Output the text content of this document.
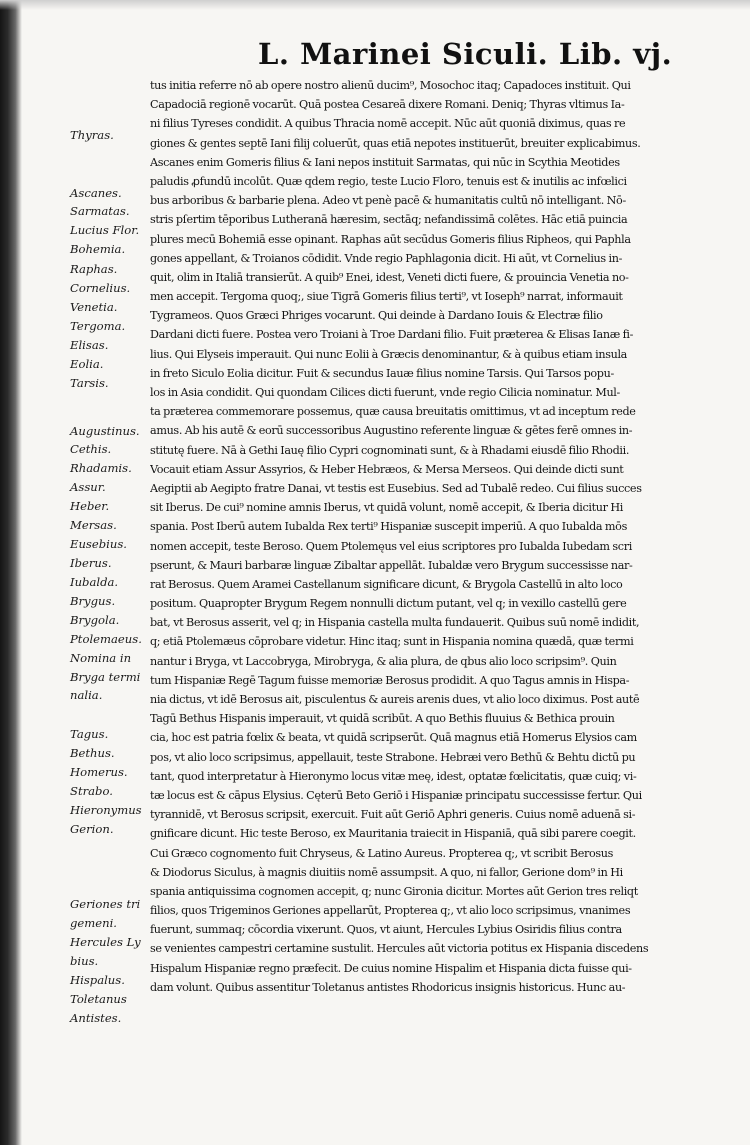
L. Marinei Siculi. Lib. vj.
Thyras.
Ascanes.
Sarmatas.
Lucius Flor.
Bohemia.
Raphas.
Cornelius.
Venetia.
Tergoma.
Elisas.
Eolia.
Tarsis.
Augustinus.
Cethis.
Rhadamis.
Assur.
Heber.
Mersas.
Eusebius.
Iberus.
Iubalda.
Brygus.
Brygola.
Ptolemaeus.
Nomina in
Bryga termi
nalia.
Tagus.
Bethus.
Homerus.
Strabo.
Hieronymus
Gerion.
Geriones tri
gemeni.
Hercules Ly
bius.
Hispalus.
Toletanus
Antistes.
tus initia referre nō ab opere nostro alienū ducim⁹, Mosochoc itaq; Capadoces instituit. Qui
Capadociā regionē vocarūt. Quā postea Cesareā dixere Romani. Deniq; Thyras vltimus Ia-
ni filius Tyreses condidit. A quibus Thracia nomē accepit. Nūc aūt quoniā diximus, quas re
giones & gentes septē Iani filij coluerūt, quas etiā nepotes instituerūt, breuiter explicabimus.
Ascanes enim Gomeris filius & Iani nepos instituit Sarmatas, qui nūc in Scythia Meotides
paludis ꝓfundū incolūt. Quæ qdem regio, teste Lucio Floro, tenuis est & inutilis ac infœlici
bus arboribus & barbarie plena. Adeo vt penè pacē & humanitatis cultū nō intelligant. Nō-
stris pſertim tēporibus Lutheranā hæresim, sectāq; nefandissimā colētes. Hāc etiā puincia
plures mecū Bohemiā esse opinant. Raphas aūt secūdus Gomeris filius Ripheos, qui Paphla
gones appellant, & Troianos cōdidit. Vnde regio Paphlagonia dicit. Hi aūt, vt Cornelius in-
quit, olim in Italiā transierūt. A quib⁹ Enei, idest, Veneti dicti fuere, & prouincia Venetia no-
men accepit. Tergoma quoq;, siue Tigrā Gomeris filius terti⁹, vt Ioseph⁹ narrat, informauit
Tygrameos. Quos Græci Phriges vocarunt. Qui deinde à Dardano Iouis & Electræ filio
Dardani dicti fuere. Postea vero Troiani à Troe Dardani filio. Fuit præterea & Elisas Ianæ fi-
lius. Qui Elyseis imperauit. Qui nunc Eolii à Græcis denominantur, & à quibus etiam insula
in freto Siculo Eolia dicitur. Fuit & secundus Iauæ filius nomine Tarsis. Qui Tarsos popu-
los in Asia condidit. Qui quondam Cilices dicti fuerunt, vnde regio Cilicia nominatur. Mul-
ta præterea commemorare possemus, quæ causa breuitatis omittimus, vt ad inceptum rede
amus. Ab his autē & eorū successoribus Augustino referente linguæ & gētes ferē omnes in-
stitutę fuere. Nā à Gethi Iauę filio Cypri cognominati sunt, & à Rhadami eiusdē filio Rhodii.
Vocauit etiam Assur Assyrios, & Heber Hebræos, & Mersa Merseos. Qui deinde dicti sunt
Aegiptii ab Aegipto fratre Danai, vt testis est Eusebius. Sed ad Tubalē redeo. Cui filius succes
sit Iberus. De cui⁹ nomine amnis Iberus, vt quidā volunt, nomē accepit, & Iberia dicitur Hi
spania. Post Iberū autem Iubalda Rex terti⁹ Hispaniæ suscepit imperiū. A quo Iubalda mōs
nomen accepit, teste Beroso. Quem Ptolemęus vel eius scriptores pro Iubalda Iubedam scri
pserunt, & Mauri barbaræ linguæ Zibaltar appellāt. Iubaldæ vero Brygum successisse nar-
rat Berosus. Quem Aramei Castellanum significare dicunt, & Brygola Castellū in alto loco
positum. Quapropter Brygum Regem nonnulli dictum putant, vel q; in vexillo castellū gere
bat, vt Berosus asserit, vel q; in Hispania castella multa fundauerit. Quibus suū nomē indidit,
q; etiā Ptolemæus cōprobare videtur. Hinc itaq; sunt in Hispania nomina quædā, quæ termi
nantur i Bryga, vt Laccobryga, Mirobryga, & alia plura, de qbus alio loco scripsim⁹. Quin
tum Hispaniæ Regē Tagum fuisse memoriæ Berosus prodidit. A quo Tagus amnis in Hispa-
nia dictus, vt idē Berosus ait, pisculentus & aureis arenis dues, vt alio loco diximus. Post autē
Tagū Bethus Hispanis imperauit, vt quidā scribūt. A quo Bethis fluuius & Bethica prouin
cia, hoc est patria fœlix & beata, vt quidā scripserūt. Quā magnus etiā Homerus Elysios cam
pos, vt alio loco scripsimus, appellauit, teste Strabone. Hebræi vero Bethū & Behtu dictū pu
tant, quod interpretatur à Hieronymo locus vitæ meę, idest, optatæ fœlicitatis, quæ cuiq; vi-
tæ locus est & cāpus Elysius. Cęterū Beto Geriō i Hispaniæ principatu successisse fertur. Qui
tyrannidē, vt Berosus scripsit, exercuit. Fuit aūt Geriō Aphri generis. Cuius nomē aduenā si-
gnificare dicunt. Hic teste Beroso, ex Mauritania traiecit in Hispaniā, quā sibi parere coegit.
Cui Græco cognomento fuit Chryseus, & Latino Aureus. Propterea q;, vt scribit Berosus
& Diodorus Siculus, à magnis diuitiis nomē assumpsit. A quo, ni fallor, Gerione dom⁹ in Hi
spania antiquissima cognomen accepit, q; nunc Gironia dicitur. Mortes aūt Gerion tres reliqt
filios, quos Trigeminos Geriones appellarūt, Propterea q;, vt alio loco scripsimus, vnanimes
fuerunt, summaq; cōcordia vixerunt. Quos, vt aiunt, Hercules Lybius Osiridis filius contra
se venientes campestri certamine sustulit. Hercules aūt victoria potitus ex Hispania discedens
Hispalum Hispaniæ regno præfecit. De cuius nomine Hispalim et Hispania dicta fuisse qui-
dam volunt. Quibus assentitur Toletanus antistes Rhodoricus insignis historicus. Hunc au-
